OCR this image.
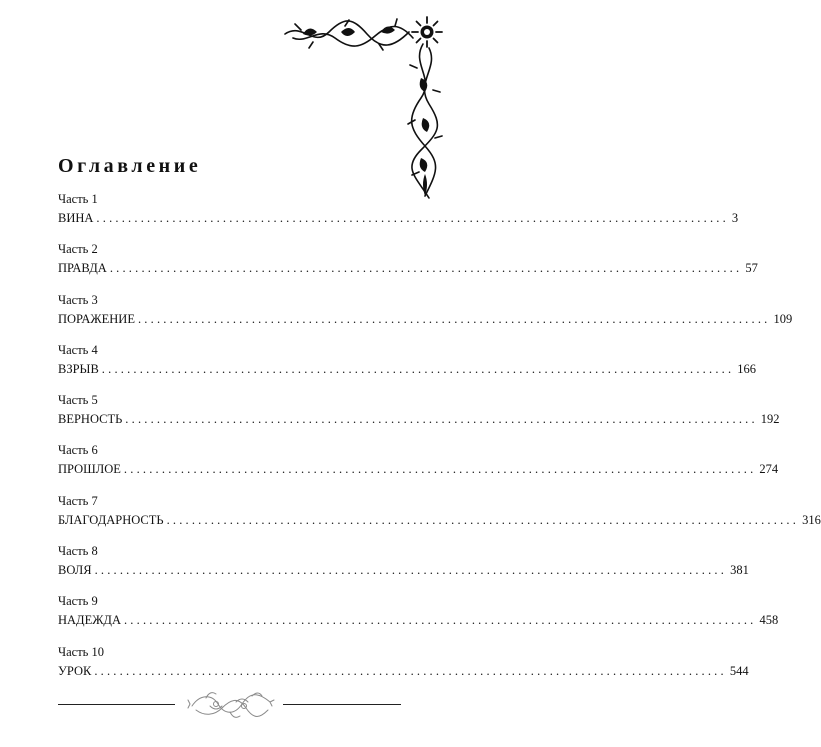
Оглавление
Часть 1
ВИНА .................................................................................................... 3
Часть 2
ПРАВДА .................................................................................................... 57
Часть 3
ПОРАЖЕНИЕ .................................................................................................... 109
Часть 4
ВЗРЫВ .................................................................................................... 166
Часть 5
ВЕРНОСТЬ .................................................................................................... 192
Часть 6
ПРОШЛОЕ .................................................................................................... 274
Часть 7
БЛАГОДАРНОСТЬ .................................................................................................... 316
Часть 8
ВОЛЯ .................................................................................................... 381
Часть 9
НАДЕЖДА .................................................................................................... 458
Часть 10
УРОК .................................................................................................... 544
